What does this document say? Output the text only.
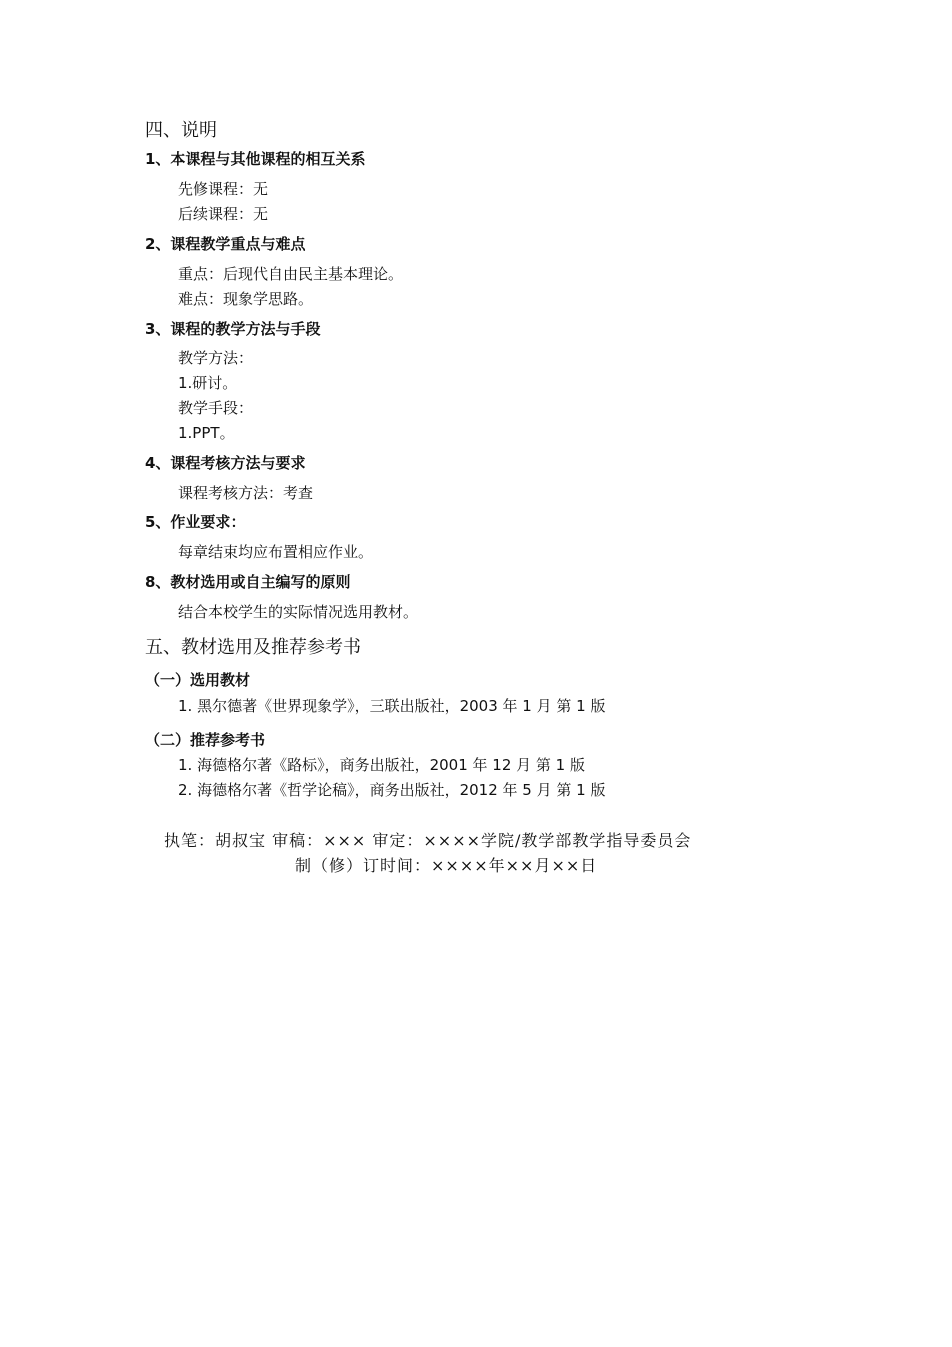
四、说明
1、本课程与其他课程的相互关系
先修课程：无
后续课程：无
2、课程教学重点与难点
重点：后现代自由民主基本理论。
难点：现象学思路。
3、课程的教学方法与手段
教学方法：
1.研讨。
教学手段：
1.PPT。
4、课程考核方法与要求
课程考核方法：考查
5、作业要求：
每章结束均应布置相应作业。
8、教材选用或自主编写的原则
结合本校学生的实际情况选用教材。
五、教材选用及推荐参考书
（一）选用教材
1. 黑尔德著《世界现象学》，三联出版社，2003 年 1 月 第 1 版
（二）推荐参考书
1. 海德格尔著《路标》，商务出版社，2001 年 12 月 第 1 版
2. 海德格尔著《哲学论稿》，商务出版社，2012 年 5 月 第 1 版
执笔：胡叔宝 审稿：××× 审定：××××学院/教学部教学指导委员会
制（修）订时间：××××年××月××日
